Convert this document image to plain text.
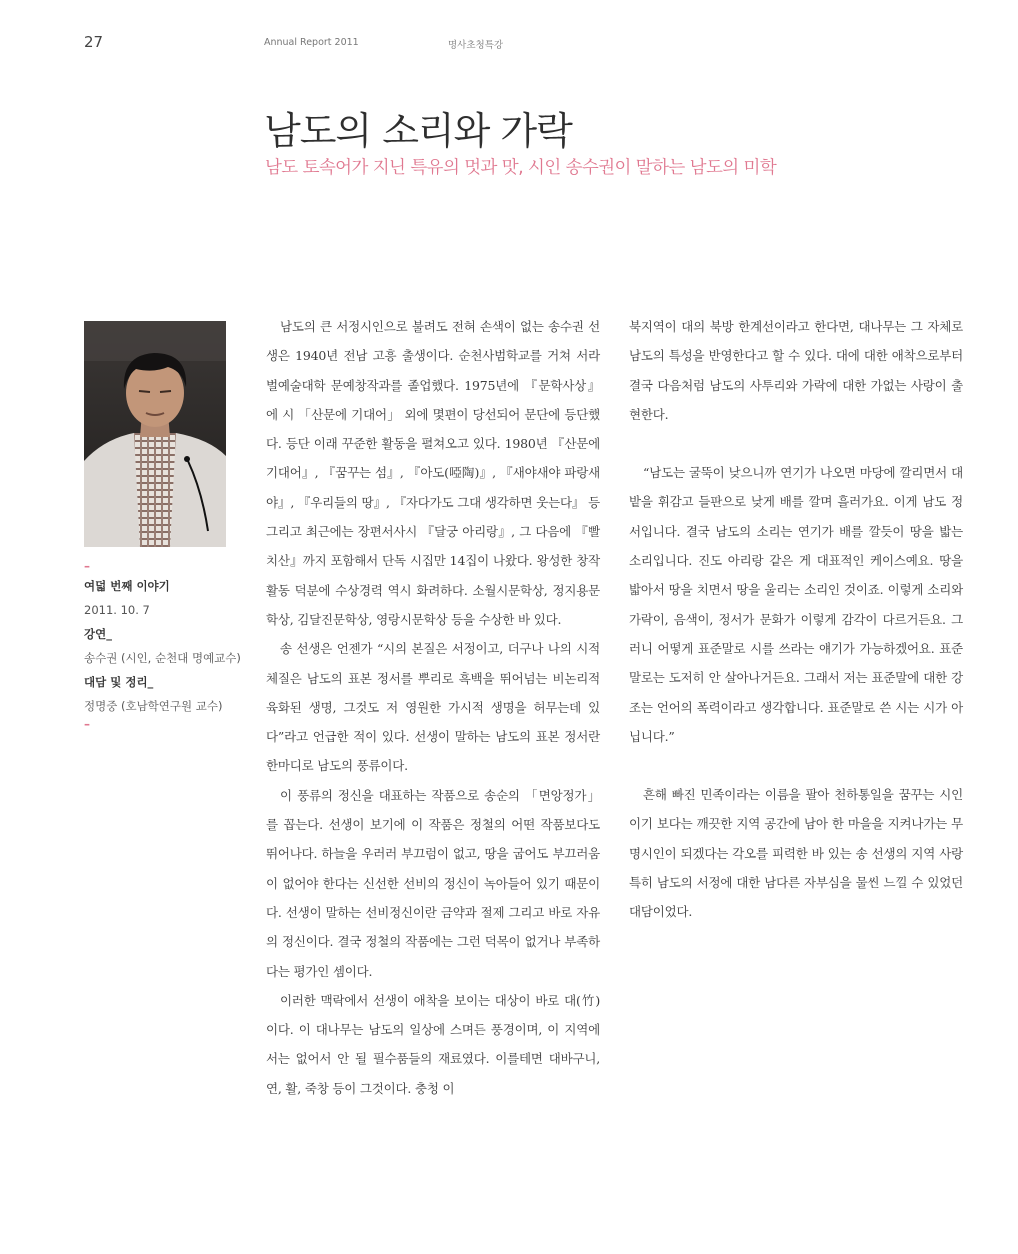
27	Annual Report 2011	명사초청특강
남도의 소리와 가락
남도 토속어가 지닌 특유의 멋과 맛, 시인 송수권이 말하는 남도의 미학
–
여덟 번째 이야기
2011. 10. 7
강연_
송수권 (시인, 순천대 명예교수)
대담 및 정리_
정명중 (호남학연구원 교수)
–

남도의 큰 서정시인으로 불려도 전혀 손색이 없는 송수권 선생은 1940년 전남 고흥 출생이다. 순천사범학교를 거쳐 서라벌예술대학 문예창작과를 졸업했다. 1975년에 『문학사상』에 시 「산문에 기대어」 외에 몇편이 당선되어 문단에 등단했다. 등단 이래 꾸준한 활동을 펼쳐오고 있다. 1980년 『산문에 기대어』, 『꿈꾸는 섬』, 『아도(啞陶)』, 『새야새야 파랑새야』, 『우리들의 땅』, 『자다가도 그대 생각하면 웃는다』 등 그리고 최근에는 장편서사시 『달궁 아리랑』, 그 다음에 『빨치산』까지 포함해서 단독 시집만 14집이 나왔다. 왕성한 창작활동 덕분에 수상경력 역시 화려하다. 소월시문학상, 정지용문학상, 김달진문학상, 영랑시문학상 등을 수상한 바 있다.

송 선생은 언젠가 “시의 본질은 서정이고, 더구나 나의 시적 체질은 남도의 표본 정서를 뿌리로 흑백을 뛰어넘는 비논리적 육화된 생명, 그것도 저 영원한 가시적 생명을 허무는데 있다”라고 언급한 적이 있다. 선생이 말하는 남도의 표본 정서란 한마디로 남도의 풍류이다.

이 풍류의 정신을 대표하는 작품으로 송순의 「면앙정가」를 꼽는다. 선생이 보기에 이 작품은 정철의 어떤 작품보다도 뛰어나다. 하늘을 우러러 부끄럼이 없고, 땅을 굽어도 부끄러움이 없어야 한다는 신선한 선비의 정신이 녹아들어 있기 때문이다. 선생이 말하는 선비정신이란 금약과 절제 그리고 바로 자유의 정신이다. 결국 정철의 작품에는 그런 덕목이 없거나 부족하다는 평가인 셈이다.

이러한 맥락에서 선생이 애착을 보이는 대상이 바로 대(竹)이다. 이 대나무는 남도의 일상에 스며든 풍경이며, 이 지역에서는 없어서 안 될 필수품들의 재료였다. 이를테면 대바구니, 연, 활, 죽창 등이 그것이다. 충청 이

북지역이 대의 북방 한계선이라고 한다면, 대나무는 그 자체로 남도의 특성을 반영한다고 할 수 있다. 대에 대한 애착으로부터 결국 다음처럼 남도의 사투리와 가락에 대한 가없는 사랑이 출현한다.

“남도는 굴뚝이 낮으니까 연기가 나오면 마당에 깔리면서 대밭을 휘감고 들판으로 낮게 배를 깔며 흘러가요. 이게 남도 정서입니다. 결국 남도의 소리는 연기가 배를 깔듯이 땅을 밟는 소리입니다. 진도 아리랑 같은 게 대표적인 케이스예요. 땅을 밟아서 땅을 치면서 땅을 울리는 소리인 것이죠. 이렇게 소리와 가락이, 음색이, 정서가 문화가 이렇게 감각이 다르거든요. 그러니 어떻게 표준말로 시를 쓰라는 얘기가 가능하겠어요. 표준말로는 도저히 안 살아나거든요. 그래서 저는 표준말에 대한 강조는 언어의 폭력이라고 생각합니다. 표준말로 쓴 시는 시가 아닙니다.”

흔해 빠진 민족이라는 이름을 팔아 천하통일을 꿈꾸는 시인이기 보다는 깨끗한 지역 공간에 남아 한 마을을 지켜나가는 무명시인이 되겠다는 각오를 피력한 바 있는 송 선생의 지역 사랑 특히 남도의 서정에 대한 남다른 자부심을 물씬 느낄 수 있었던 대담이었다.
